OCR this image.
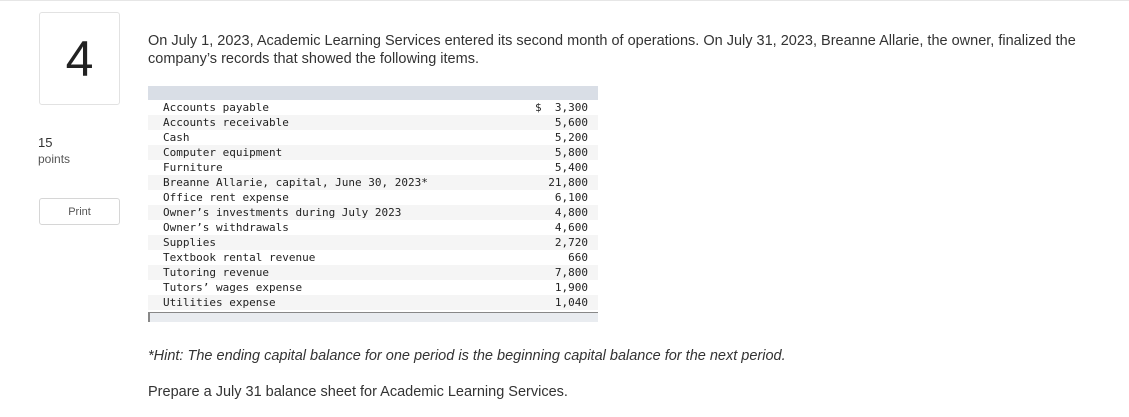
4
15
points
Print

On July 1, 2023, Academic Learning Services entered its second month of operations. On July 31, 2023, Breanne Allarie, the owner, finalized the company’s records that showed the following items.

Accounts payable	$  3,300
Accounts receivable	5,600
Cash	5,200
Computer equipment	5,800
Furniture	5,400
Breanne Allarie, capital, June 30, 2023*	21,800
Office rent expense	6,100
Owner’s investments during July 2023	4,800
Owner’s withdrawals	4,600
Supplies	2,720
Textbook rental revenue	660
Tutoring revenue	7,800
Tutors’ wages expense	1,900
Utilities expense	1,040

*Hint: The ending capital balance for one period is the beginning capital balance for the next period.

Prepare a July 31 balance sheet for Academic Learning Services.
